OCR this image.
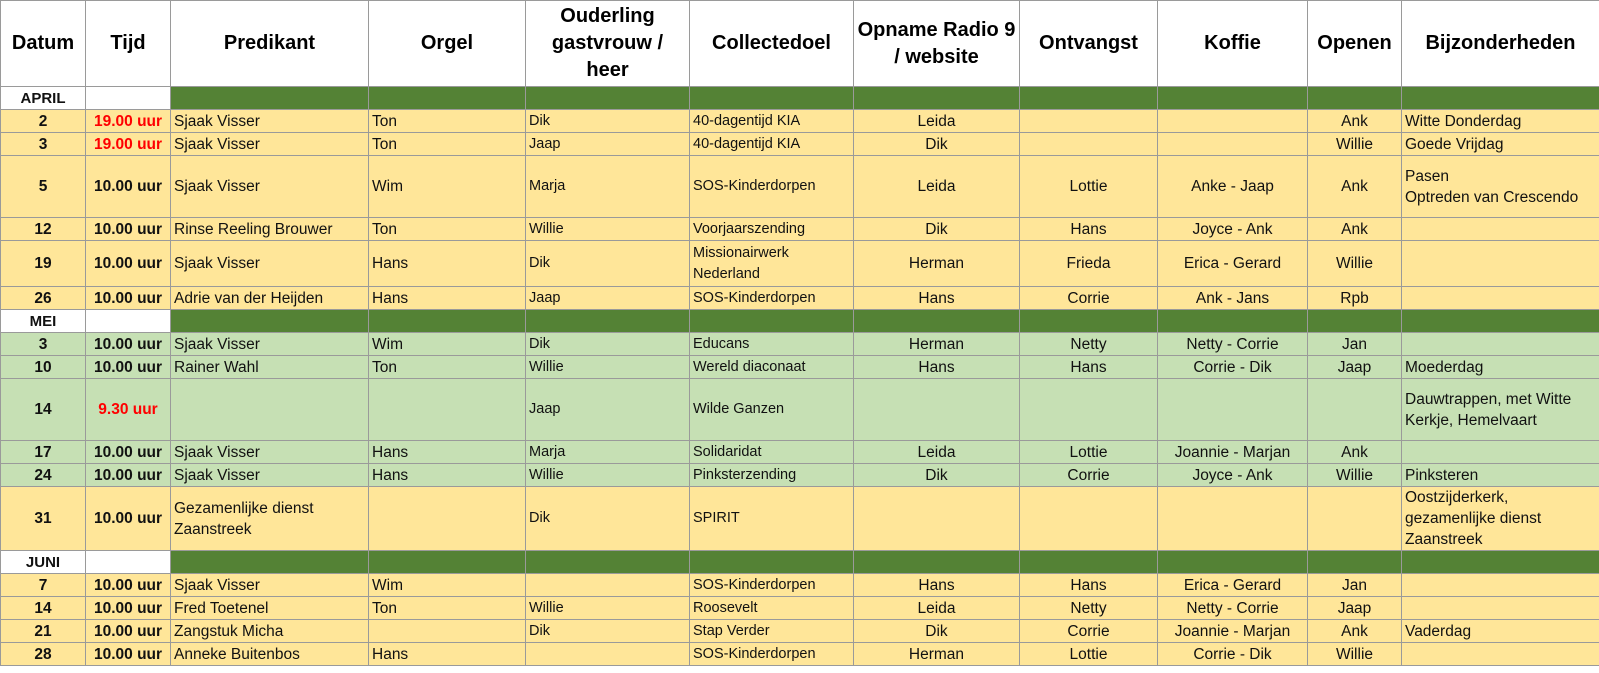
Datum	Tijd	Predikant	Orgel	Ouderling gastvrouw / heer	Collectedoel	Opname Radio 9 / website	Ontvangst	Koffie	Openen	Bijzonderheden
APRIL										
2	19.00 uur	Sjaak Visser	Ton	Dik	40-dagentijd KIA	Leida			Ank	Witte Donderdag
3	19.00 uur	Sjaak Visser	Ton	Jaap	40-dagentijd KIA	Dik			Willie	Goede Vrijdag
5	10.00 uur	Sjaak Visser	Wim	Marja	SOS-Kinderdorpen	Leida	Lottie	Anke - Jaap	Ank	Pasen
Optreden van Crescendo
12	10.00 uur	Rinse Reeling Brouwer	Ton	Willie	Voorjaarszending	Dik	Hans	Joyce - Ank	Ank	
19	10.00 uur	Sjaak Visser	Hans	Dik	Missionairwerk Nederland	Herman	Frieda	Erica - Gerard	Willie	
26	10.00 uur	Adrie van der Heijden	Hans	Jaap	SOS-Kinderdorpen	Hans	Corrie	Ank - Jans	Rpb	
MEI										
3	10.00 uur	Sjaak Visser	Wim	Dik	Educans	Herman	Netty	Netty - Corrie	Jan	
10	10.00 uur	Rainer Wahl	Ton	Willie	Wereld diaconaat	Hans	Hans	Corrie - Dik	Jaap	Moederdag
14	9.30 uur			Jaap	Wilde Ganzen					Dauwtrappen, met Witte Kerkje, Hemelvaart
17	10.00 uur	Sjaak Visser	Hans	Marja	Solidaridat	Leida	Lottie	Joannie - Marjan	Ank	
24	10.00 uur	Sjaak Visser	Hans	Willie	Pinksterzending	Dik	Corrie	Joyce - Ank	Willie	Pinksteren
31	10.00 uur	Gezamenlijke dienst Zaanstreek		Dik	SPIRIT					Oostzijderkerk, gezamenlijke dienst Zaanstreek
JUNI										
7	10.00 uur	Sjaak Visser	Wim		SOS-Kinderdorpen	Hans	Hans	Erica - Gerard	Jan	
14	10.00 uur	Fred Toetenel	Ton	Willie	Roosevelt	Leida	Netty	Netty - Corrie	Jaap	
21	10.00 uur	Zangstuk Micha		Dik	Stap Verder	Dik	Corrie	Joannie - Marjan	Ank	Vaderdag
28	10.00 uur	Anneke Buitenbos	Hans		SOS-Kinderdorpen	Herman	Lottie	Corrie - Dik	Willie	
